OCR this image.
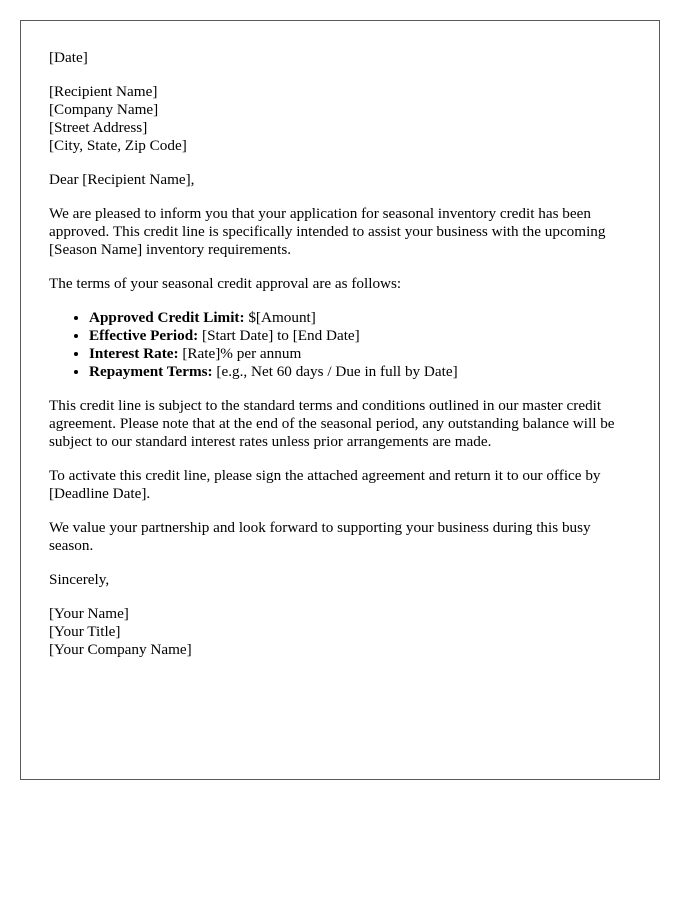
[Date]

[Recipient Name]
[Company Name]
[Street Address]
[City, State, Zip Code]

Dear [Recipient Name],

We are pleased to inform you that your application for seasonal inventory credit has been approved. This credit line is specifically intended to assist your business with the upcoming [Season Name] inventory requirements.

The terms of your seasonal credit approval are as follows:

• Approved Credit Limit: $[Amount]
• Effective Period: [Start Date] to [End Date]
• Interest Rate: [Rate]% per annum
• Repayment Terms: [e.g., Net 60 days / Due in full by Date]

This credit line is subject to the standard terms and conditions outlined in our master credit agreement. Please note that at the end of the seasonal period, any outstanding balance will be subject to our standard interest rates unless prior arrangements are made.

To activate this credit line, please sign the attached agreement and return it to our office by [Deadline Date].

We value your partnership and look forward to supporting your business during this busy season.

Sincerely,

[Your Name]
[Your Title]
[Your Company Name]
